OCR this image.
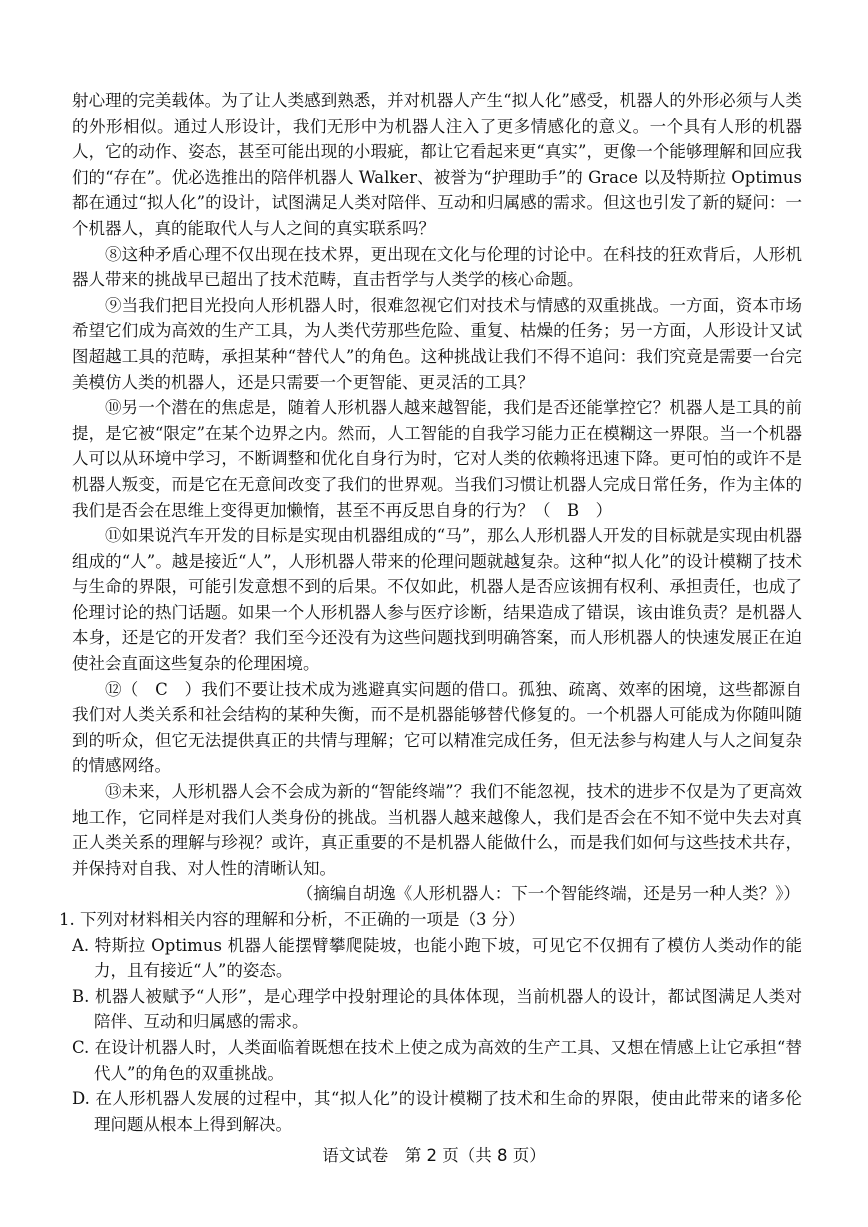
射心理的完美载体。为了让人类感到熟悉，并对机器人产生“拟人化”感受，机器人的外形必须与人类的外形相似。通过人形设计，我们无形中为机器人注入了更多情感化的意义。一个具有人形的机器人，它的动作、姿态，甚至可能出现的小瑕疵，都让它看起来更“真实”，更像一个能够理解和回应我们的“存在”。优必选推出的陪伴机器人 Walker、被誉为“护理助手”的 Grace 以及特斯拉 Optimus 都在通过“拟人化”的设计，试图满足人类对陪伴、互动和归属感的需求。但这也引发了新的疑问：一个机器人，真的能取代人与人之间的真实联系吗？

⑧这种矛盾心理不仅出现在技术界，更出现在文化与伦理的讨论中。在科技的狂欢背后，人形机器人带来的挑战早已超出了技术范畴，直击哲学与人类学的核心命题。

⑨当我们把目光投向人形机器人时，很难忽视它们对技术与情感的双重挑战。一方面，资本市场希望它们成为高效的生产工具，为人类代劳那些危险、重复、枯燥的任务；另一方面，人形设计又试图超越工具的范畴，承担某种“替代人”的角色。这种挑战让我们不得不追问：我们究竟是需要一台完美模仿人类的机器人，还是只需要一个更智能、更灵活的工具？

⑩另一个潜在的焦虑是，随着人形机器人越来越智能，我们是否还能掌控它？机器人是工具的前提，是它被“限定”在某个边界之内。然而，人工智能的自我学习能力正在模糊这一界限。当一个机器人可以从环境中学习，不断调整和优化自身行为时，它对人类的依赖将迅速下降。更可怕的或许不是机器人叛变，而是它在无意间改变了我们的世界观。当我们习惯让机器人完成日常任务，作为主体的我们是否会在思维上变得更加懒惰，甚至不再反思自身的行为？（　B　）

⑪如果说汽车开发的目标是实现由机器组成的“马”，那么人形机器人开发的目标就是实现由机器组成的“人”。越是接近“人”，人形机器人带来的伦理问题就越复杂。这种“拟人化”的设计模糊了技术与生命的界限，可能引发意想不到的后果。不仅如此，机器人是否应该拥有权利、承担责任，也成了伦理讨论的热门话题。如果一个人形机器人参与医疗诊断，结果造成了错误，该由谁负责？是机器人本身，还是它的开发者？我们至今还没有为这些问题找到明确答案，而人形机器人的快速发展正在迫使社会直面这些复杂的伦理困境。

⑫（　C　）我们不要让技术成为逃避真实问题的借口。孤独、疏离、效率的困境，这些都源自我们对人类关系和社会结构的某种失衡，而不是机器能够替代修复的。一个机器人可能成为你随叫随到的听众，但它无法提供真正的共情与理解；它可以精准完成任务，但无法参与构建人与人之间复杂的情感网络。

⑬未来，人形机器人会不会成为新的“智能终端”？我们不能忽视，技术的进步不仅是为了更高效地工作，它同样是对我们人类身份的挑战。当机器人越来越像人，我们是否会在不知不觉中失去对真正人类关系的理解与珍视？或许，真正重要的不是机器人能做什么，而是我们如何与这些技术共存，并保持对自我、对人性的清晰认知。

（摘编自胡逸《人形机器人：下一个智能终端，还是另一种人类？》）

1. 下列对材料相关内容的理解和分析，不正确的一项是（3 分）

A. 特斯拉 Optimus 机器人能摆臂攀爬陡坡，也能小跑下坡，可见它不仅拥有了模仿人类动作的能力，且有接近“人”的姿态。

B. 机器人被赋予“人形”，是心理学中投射理论的具体体现，当前机器人的设计，都试图满足人类对陪伴、互动和归属感的需求。

C. 在设计机器人时，人类面临着既想在技术上使之成为高效的生产工具、又想在情感上让它承担“替代人”的角色的双重挑战。

D. 在人形机器人发展的过程中，其“拟人化”的设计模糊了技术和生命的界限，使由此带来的诸多伦理问题从根本上得到解决。

语文试卷　第 2 页（共 8 页）
